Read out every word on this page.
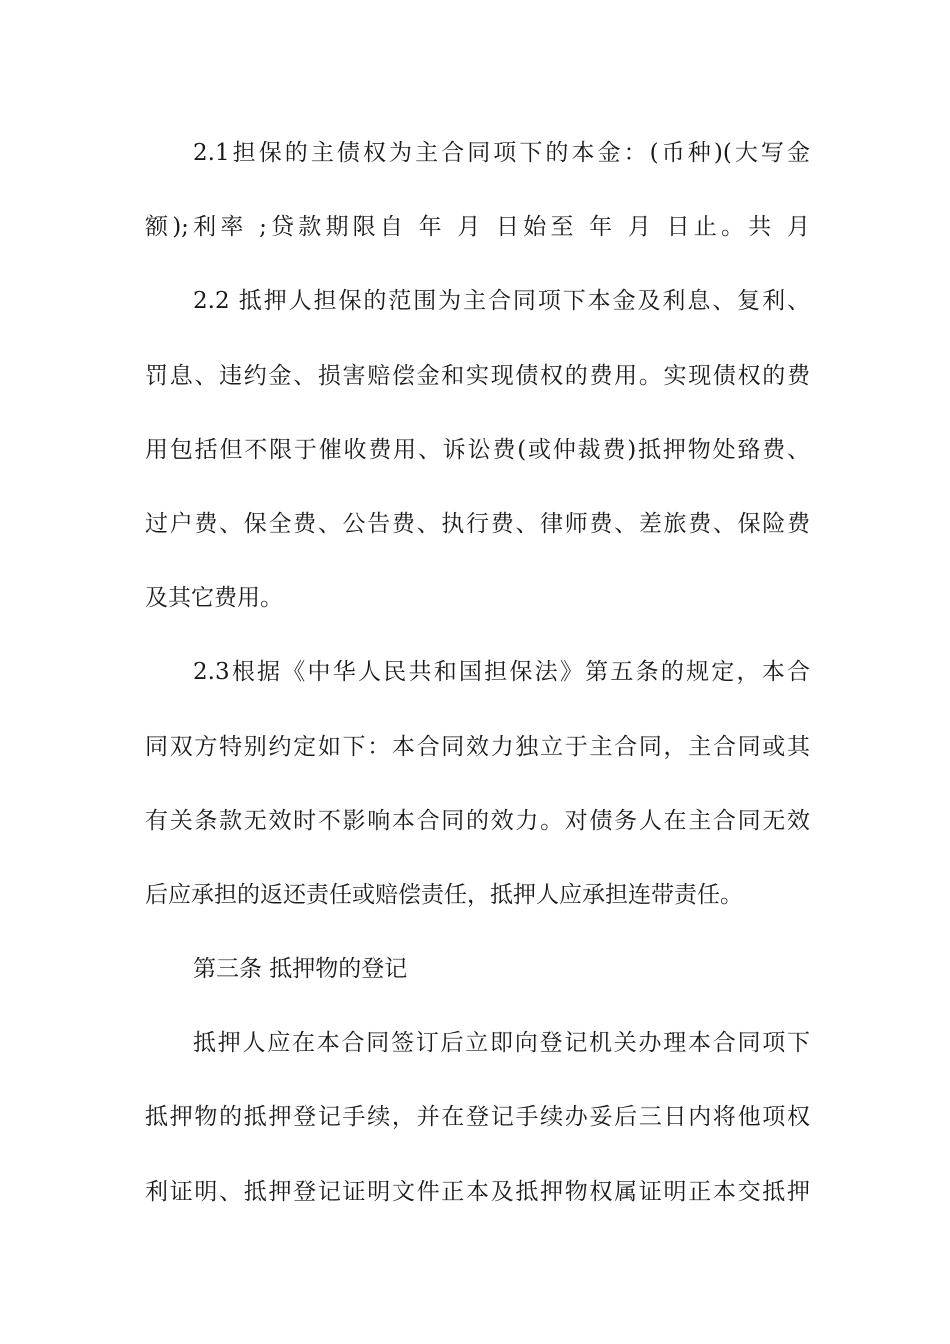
2.1担保的主债权为主合同项下的本金：(币种)(大写金
额);利率 ;贷款期限自 年 月 日始至 年 月 日止。共 月
2.2 抵押人担保的范围为主合同项下本金及利息、复利、
罚息、违约金、损害赔偿金和实现债权的费用。实现债权的费
用包括但不限于催收费用、诉讼费(或仲裁费)抵押物处臵费、
过户费、保全费、公告费、执行费、律师费、差旅费、保险费
及其它费用。
2.3根据《中华人民共和国担保法》第五条的规定，本合
同双方特别约定如下：本合同效力独立于主合同，主合同或其
有关条款无效时不影响本合同的效力。对债务人在主合同无效
后应承担的返还责任或赔偿责任，抵押人应承担连带责任。
第三条 抵押物的登记
抵押人应在本合同签订后立即向登记机关办理本合同项下
抵押物的抵押登记手续，并在登记手续办妥后三日内将他项权
利证明、抵押登记证明文件正本及抵押物权属证明正本交抵押
